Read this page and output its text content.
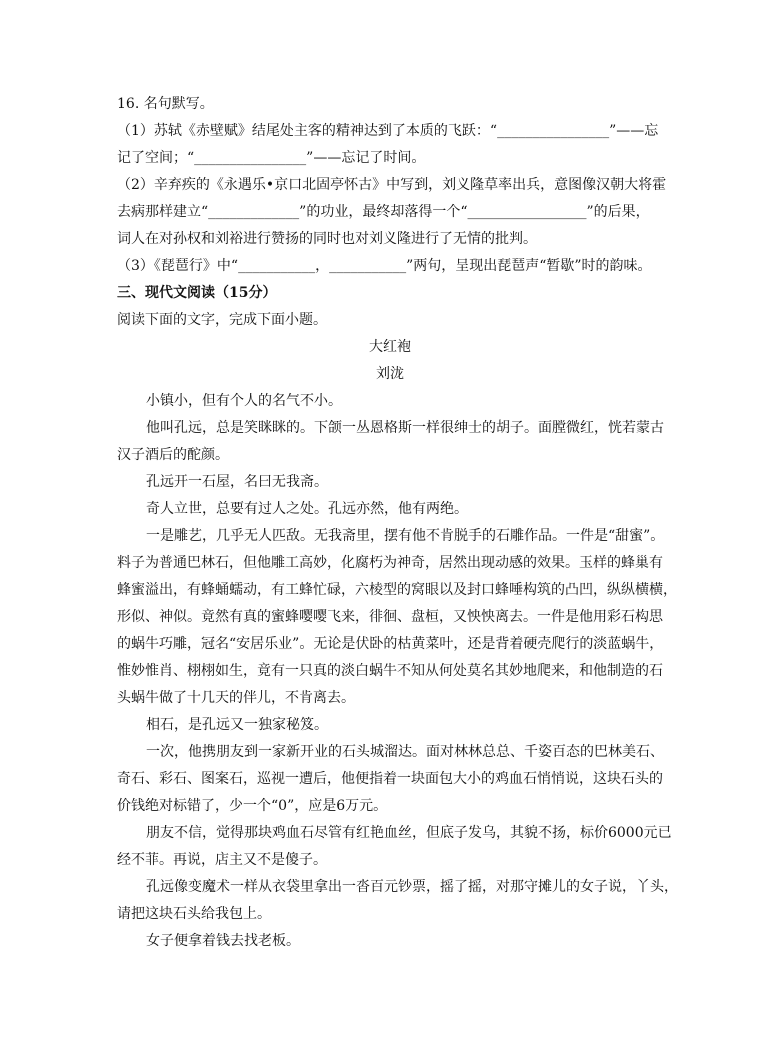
16. 名句默写。
（1）苏轼《赤壁赋》结尾处主客的精神达到了本质的飞跃：“________________”——忘
记了空间；“________________”——忘记了时间。
（2）辛弃疾的《永遇乐•京口北固亭怀古》中写到，刘义隆草率出兵，意图像汉朝大将霍
去病那样建立“_____________”的功业，最终却落得一个“_________________”的后果，
词人在对孙权和刘裕进行赞扬的同时也对刘义隆进行了无情的批判。
（3）《琵琶行》中“___________，___________”两句，呈现出琵琶声“暂歇”时的韵味。
三、现代文阅读（15分）
阅读下面的文字，完成下面小题。
大红袍
刘泷
小镇小，但有个人的名气不小。
他叫孔远，总是笑眯眯的。下颌一丛恩格斯一样很绅士的胡子。面膛微红，恍若蒙古
汉子酒后的酡颜。
孔远开一石屋，名曰无我斋。
奇人立世，总要有过人之处。孔远亦然，他有两绝。
一是雕艺，几乎无人匹敌。无我斋里，摆有他不肯脱手的石雕作品。一件是“甜蜜”。
料子为普通巴林石，但他雕工高妙，化腐朽为神奇，居然出现动感的效果。玉样的蜂巢有
蜂蜜溢出，有蜂蛹蠕动，有工蜂忙碌，六棱型的窝眼以及封口蜂唾构筑的凸凹，纵纵横横，
形似、神似。竟然有真的蜜蜂嘤嘤飞来，徘徊、盘桓，又怏怏离去。一件是他用彩石构思
的蜗牛巧雕，冠名“安居乐业”。无论是伏卧的枯黄菜叶，还是背着硬壳爬行的淡蓝蜗牛，
惟妙惟肖、栩栩如生，竟有一只真的淡白蜗牛不知从何处莫名其妙地爬来，和他制造的石
头蜗牛做了十几天的伴儿，不肯离去。
相石，是孔远又一独家秘笈。
一次，他携朋友到一家新开业的石头城溜达。面对林林总总、千姿百态的巴林美石、
奇石、彩石、图案石，巡视一遭后，他便指着一块面包大小的鸡血石悄悄说，这块石头的
价钱绝对标错了，少一个“0”，应是6万元。
朋友不信，觉得那块鸡血石尽管有红艳血丝，但底子发乌，其貌不扬，标价6000元已
经不菲。再说，店主又不是傻子。
孔远像变魔术一样从衣袋里拿出一沓百元钞票，摇了摇，对那守摊儿的女子说，丫头，
请把这块石头给我包上。
女子便拿着钱去找老板。
